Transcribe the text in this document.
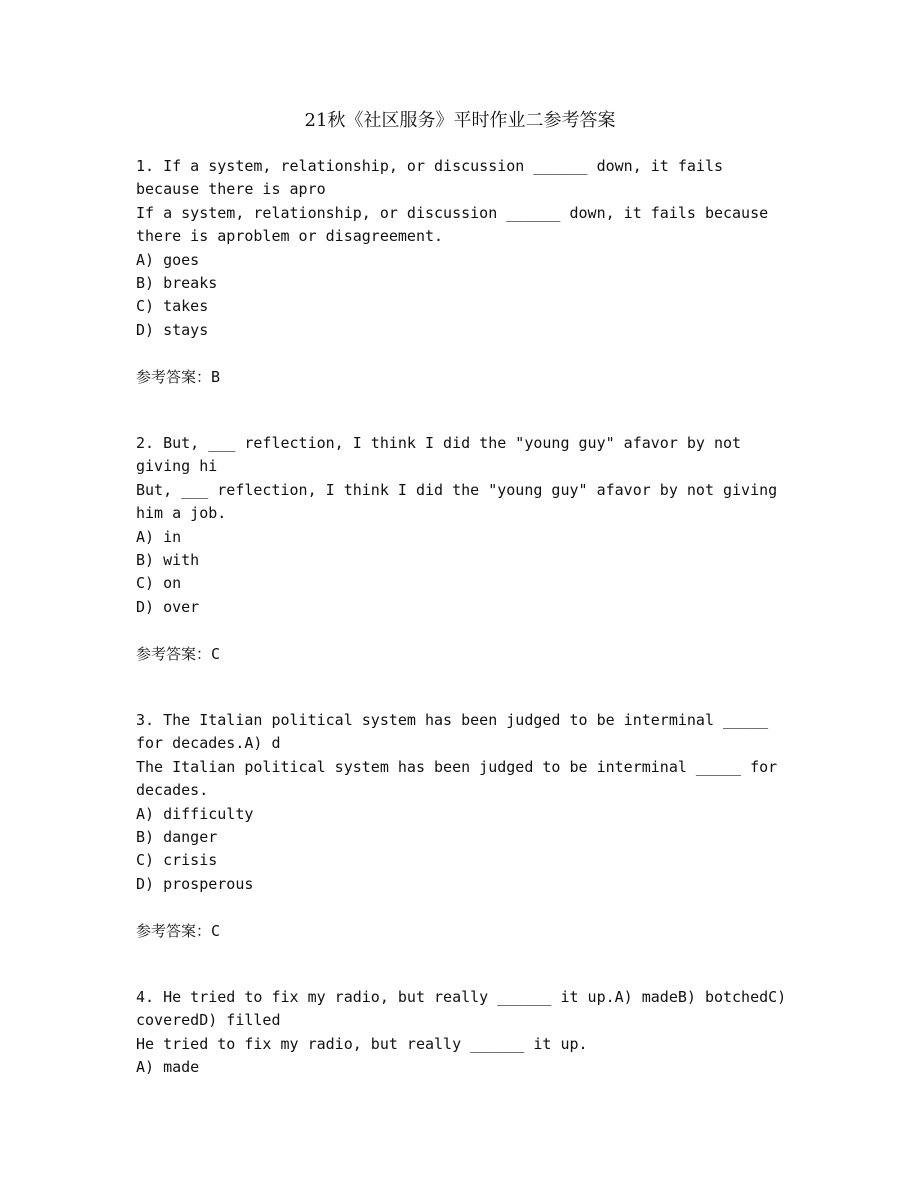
21秋《社区服务》平时作业二参考答案
1. If a system, relationship, or discussion ______ down, it fails
because there is apro
If a system, relationship, or discussion ______ down, it fails because
there is aproblem or disagreement.
A) goes
B) breaks
C) takes
D) stays
参考答案：B
2. But, ___ reflection, I think I did the "young guy" afavor by not
giving hi
But, ___ reflection, I think I did the "young guy" afavor by not giving
him a job.
A) in
B) with
C) on
D) over
参考答案：C
3. The Italian political system has been judged to be interminal _____
for decades.A) d
The Italian political system has been judged to be interminal _____ for
decades.
A) difficulty
B) danger
C) crisis
D) prosperous
参考答案：C
4. He tried to fix my radio, but really ______ it up.A) madeB) botchedC)
coveredD) filled
He tried to fix my radio, but really ______ it up.
A) made
